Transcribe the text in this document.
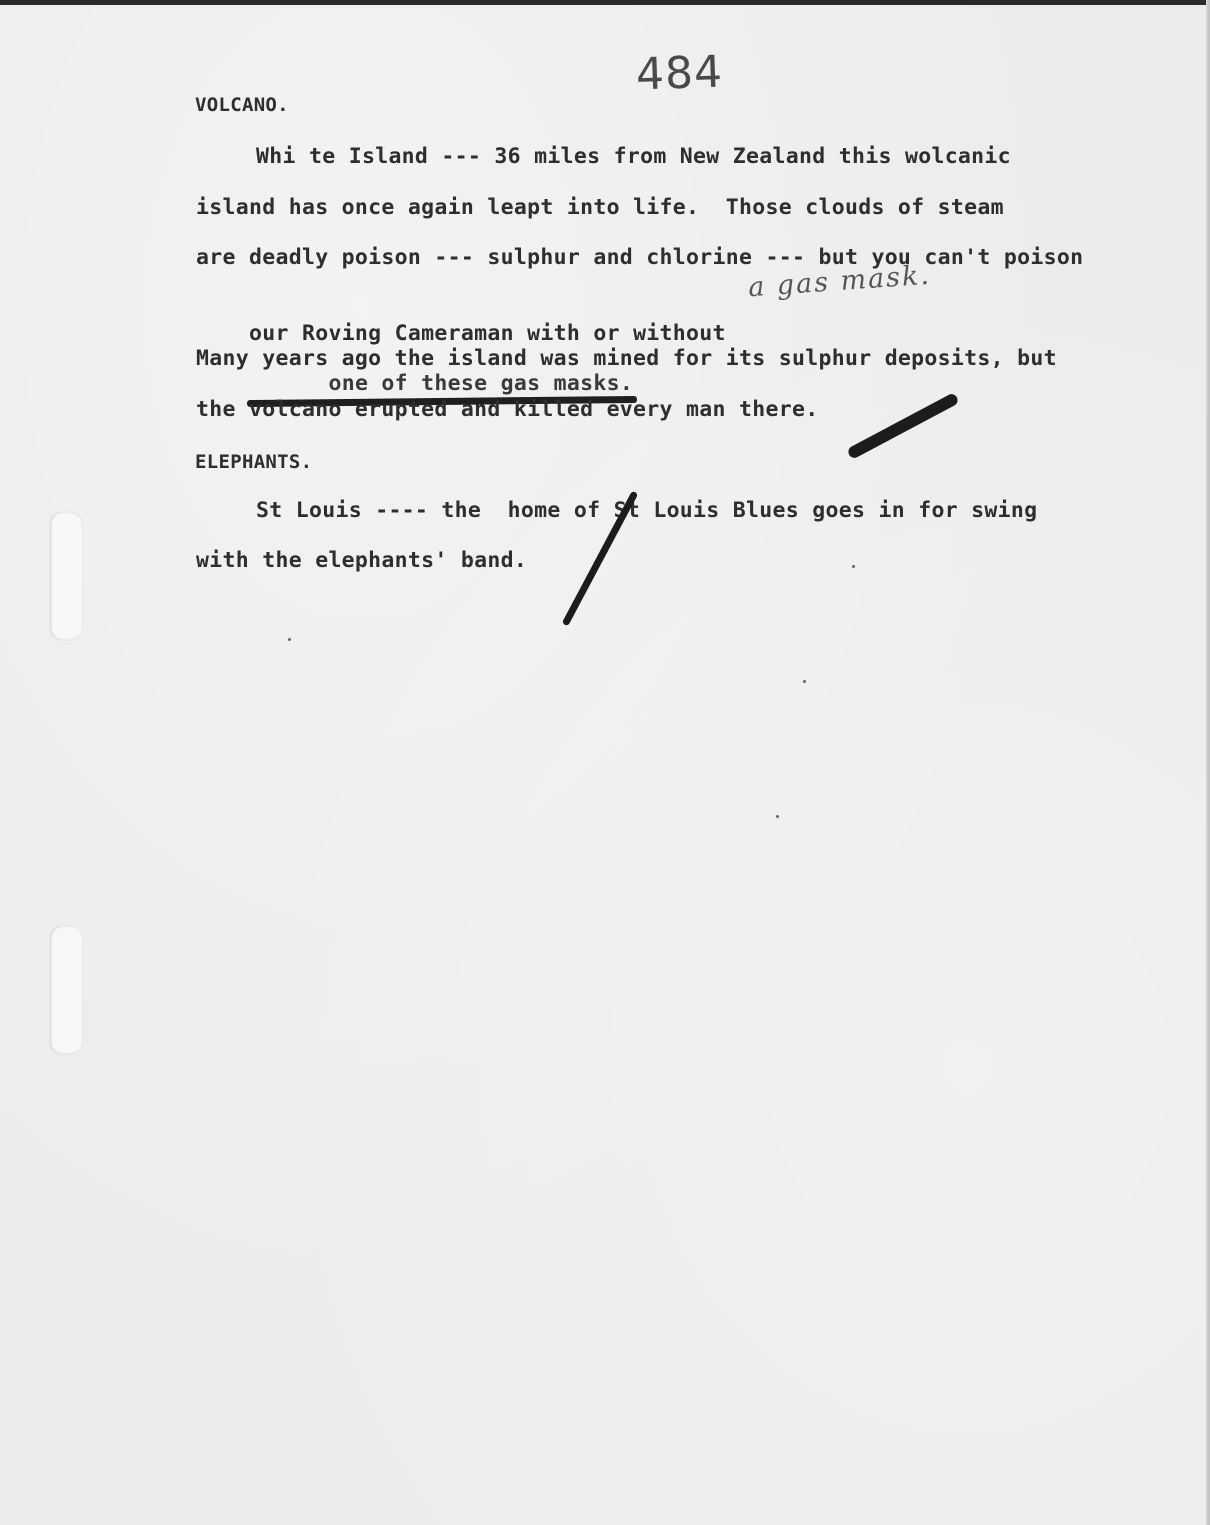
484
VOLCANO.
Whi te Island --- 36 miles from New Zealand this wolcanic
island has once again leapt into life.  Those clouds of steam
are deadly poison --- sulphur and chlorine --- but you can't poison
a gas mask.

our Roving Cameraman with or without

one of these gas masks.

Many years ago the island was mined for its sulphur deposits, but
the volcano erupted and killed every man there.
ELEPHANTS.
St Louis ---- the  home of St Louis Blues goes in for swing
with the elephants' band.
